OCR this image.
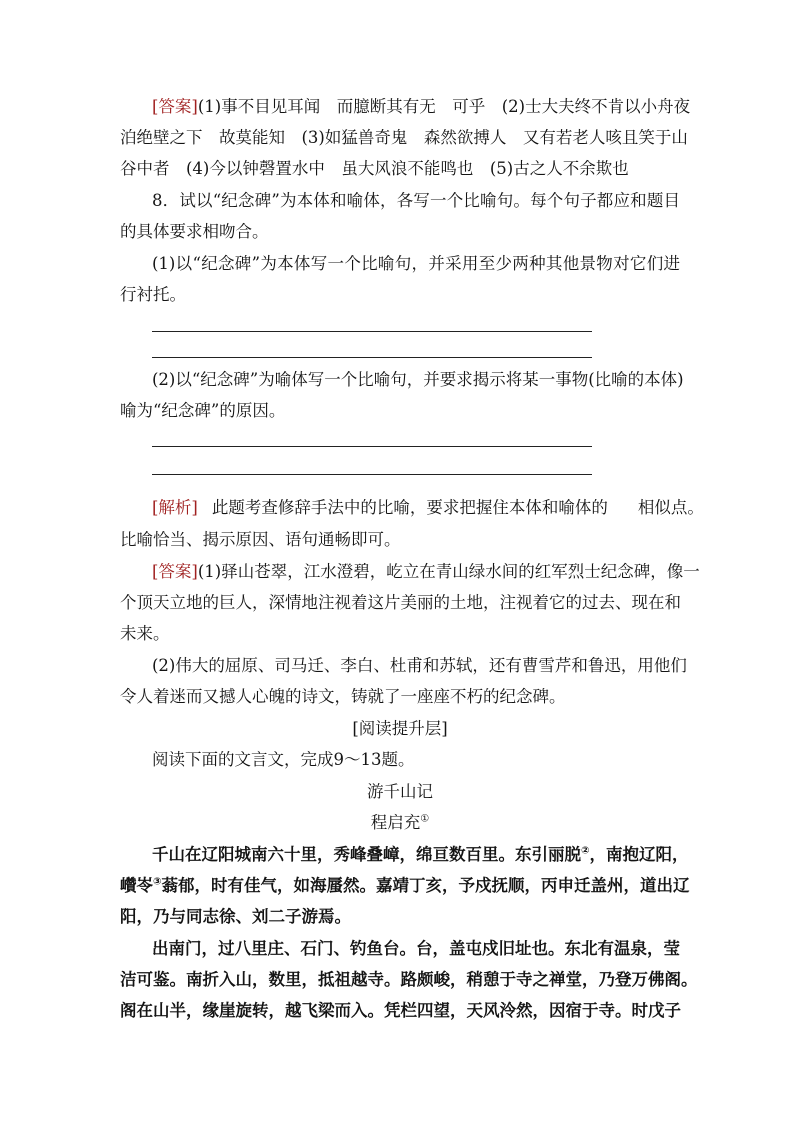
[答案](1)事不目见耳闻　而臆断其有无　可乎　(2)士大夫终不肯以小舟夜
泊绝壁之下　故莫能知　(3)如猛兽奇鬼　森然欲搏人　又有若老人咳且笑于山
谷中者　(4)今以钟磬置水中　虽大风浪不能鸣也　(5)古之人不余欺也
8．试以“纪念碑”为本体和喻体，各写一个比喻句。每个句子都应和题目
的具体要求相吻合。
(1)以“纪念碑”为本体写一个比喻句，并采用至少两种其他景物对它们进
行衬托。
(2)以“纪念碑”为喻体写一个比喻句，并要求揭示将某一事物(比喻的本体)
喻为“纪念碑”的原因。
[解析] 此题考查修辞手法中的比喻，要求把握住本体和喻体的 相似点。
比喻恰当、揭示原因、语句通畅即可。
[答案](1)驿山苍翠，江水澄碧，屹立在青山绿水间的红军烈士纪念碑，像一
个顶天立地的巨人，深情地注视着这片美丽的土地，注视着它的过去、现在和
未来。
(2)伟大的屈原、司马迁、李白、杜甫和苏轼，还有曹雪芹和鲁迅，用他们
令人着迷而又撼人心魄的诗文，铸就了一座座不朽的纪念碑。
[阅读提升层]
阅读下面的文言文，完成9～13题。
游千山记
程启充①
千山在辽阳城南六十里，秀峰叠嶂，绵亘数百里。东引丽脱②，南抱辽阳，
巑岺③蓊郁，时有佳气，如海蜃然。嘉靖丁亥，予戍抚顺，丙申迁盖州，道出辽
阳，乃与同志徐、刘二子游焉。
出南门，过八里庄、石门、钓鱼台。台，盖屯戍旧址也。东北有温泉，莹
洁可鉴。南折入山，数里，抵祖越寺。路颇峻，稍憩于寺之禅堂，乃登万佛阁。
阁在山半，缘崖旋转，越飞梁而入。凭栏四望，天风泠然，因宿于寺。时戊子
